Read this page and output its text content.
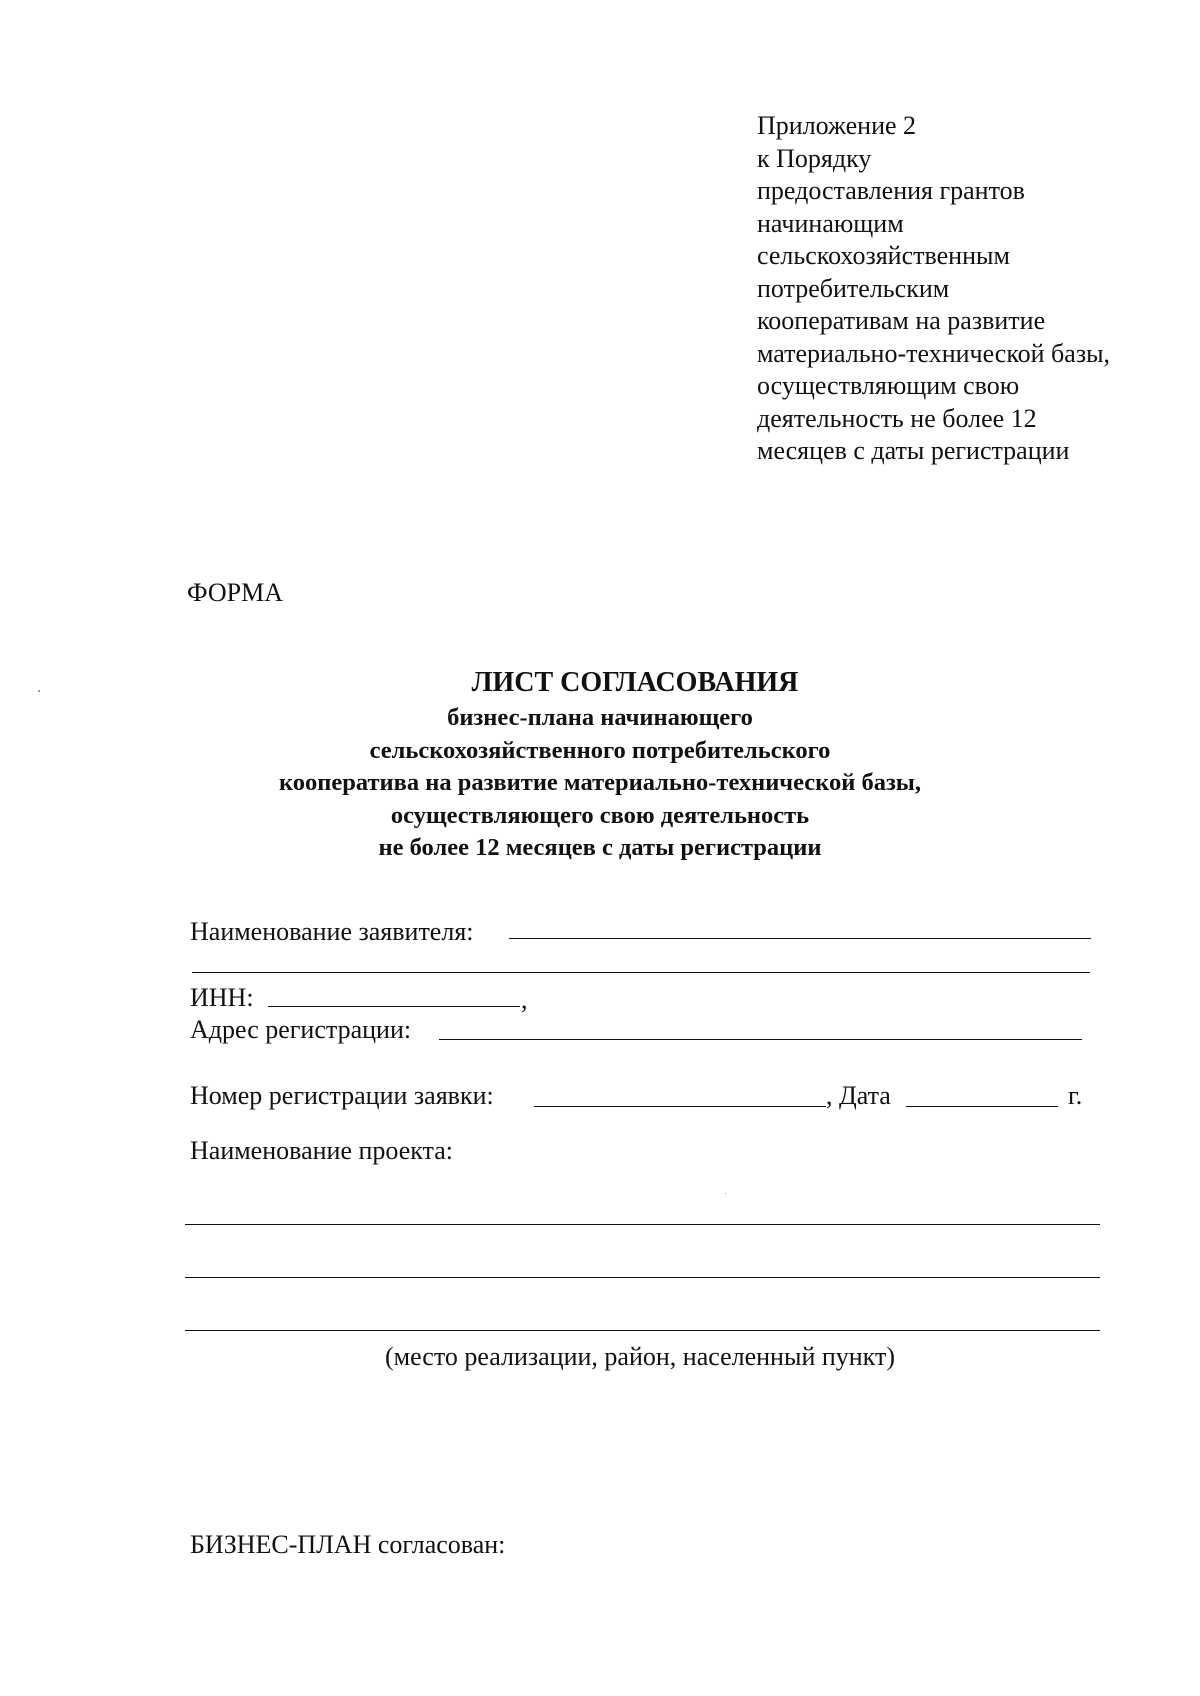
Приложение 2
к Порядку
предоставления грантов
начинающим
сельскохозяйственным
потребительским
кооперативам на развитие
материально-технической базы,
осуществляющим свою
деятельность не более 12
месяцев с даты регистрации
ФОРМА
ЛИСТ СОГЛАСОВАНИЯ
бизнес-плана начинающего
сельскохозяйственного потребительского
кооператива на развитие материально-технической базы,
осуществляющего свою деятельность
не более 12 месяцев с даты регистрации
Наименование заявителя:
ИНН:	,
Адрес регистрации:
Номер регистрации заявки:	, Дата	г.
Наименование проекта:
(место реализации, район, населенный пункт)
БИЗНЕС-ПЛАН согласован:
